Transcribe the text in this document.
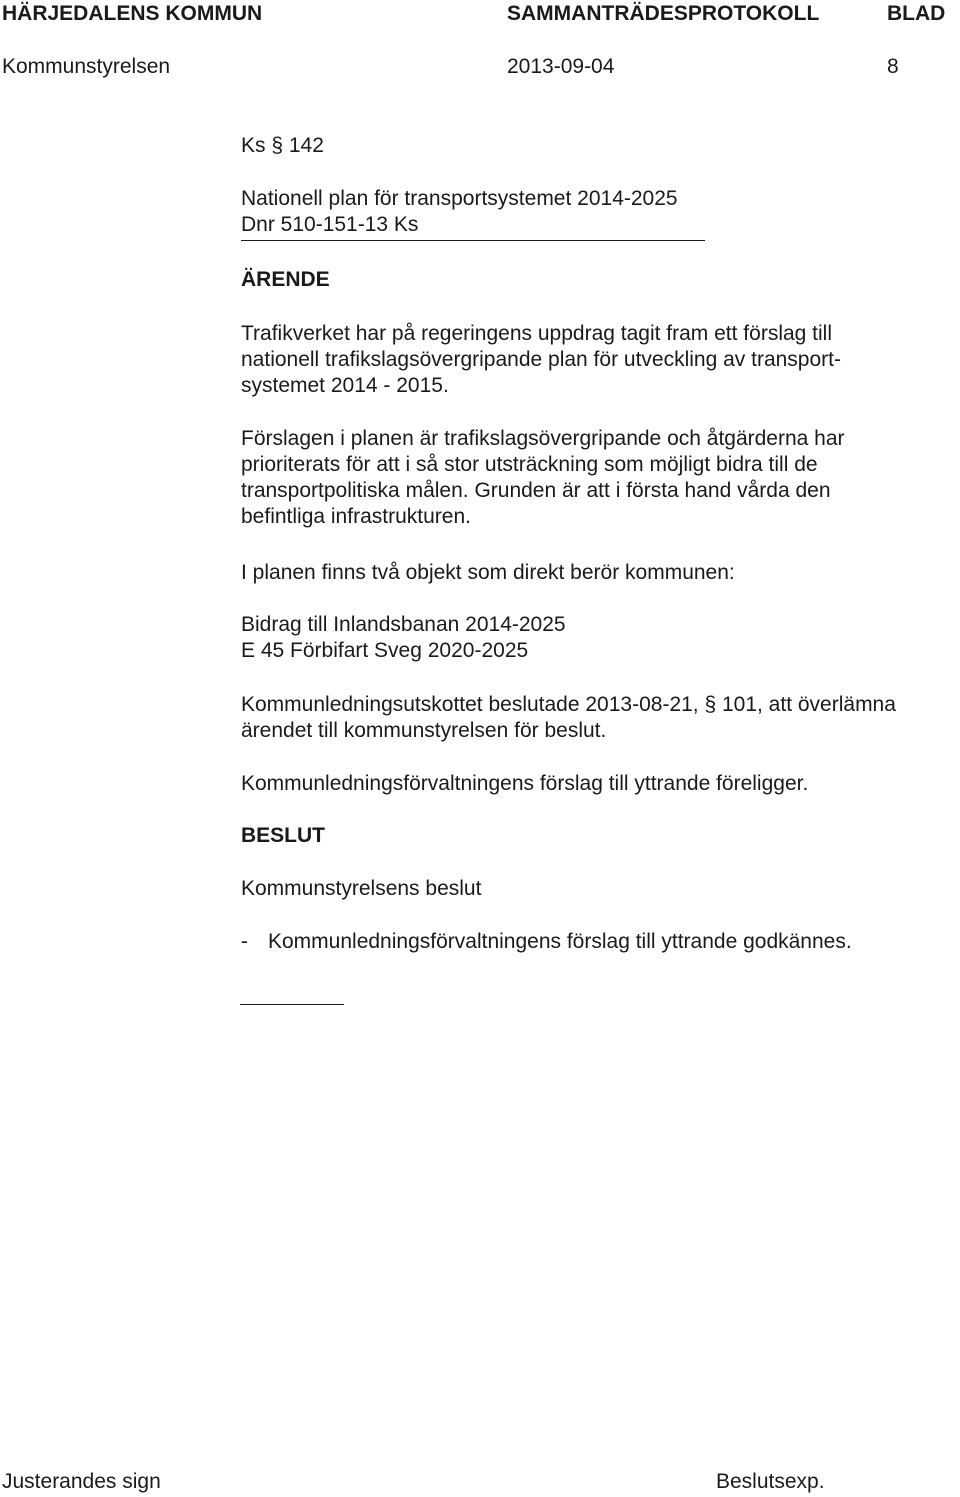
HÄRJEDALENS KOMMUN	SAMMANTRÄDESPROTOKOLL	BLAD
Kommunstyrelsen	2013-09-04	8
Ks § 142
Nationell plan för transportsystemet 2014-2025
Dnr 510-151-13 Ks
ÄRENDE
Trafikverket har på regeringens uppdrag tagit fram ett förslag till
nationell trafikslagsövergripande plan för utveckling av transport-
systemet 2014 - 2015.
Förslagen i planen är trafikslagsövergripande och åtgärderna har
prioriterats för att i så stor utsträckning som möjligt bidra till de
transportpolitiska målen. Grunden är att i första hand vårda den
befintliga infrastrukturen.
I planen finns två objekt som direkt berör kommunen:
Bidrag till Inlandsbanan 2014-2025
E 45 Förbifart Sveg 2020-2025
Kommunledningsutskottet beslutade 2013-08-21, § 101, att överlämna
ärendet till kommunstyrelsen för beslut.
Kommunledningsförvaltningens förslag till yttrande föreligger.
BESLUT
Kommunstyrelsens beslut
- Kommunledningsförvaltningens förslag till yttrande godkännes.
Justerandes sign	Beslutsexp.
